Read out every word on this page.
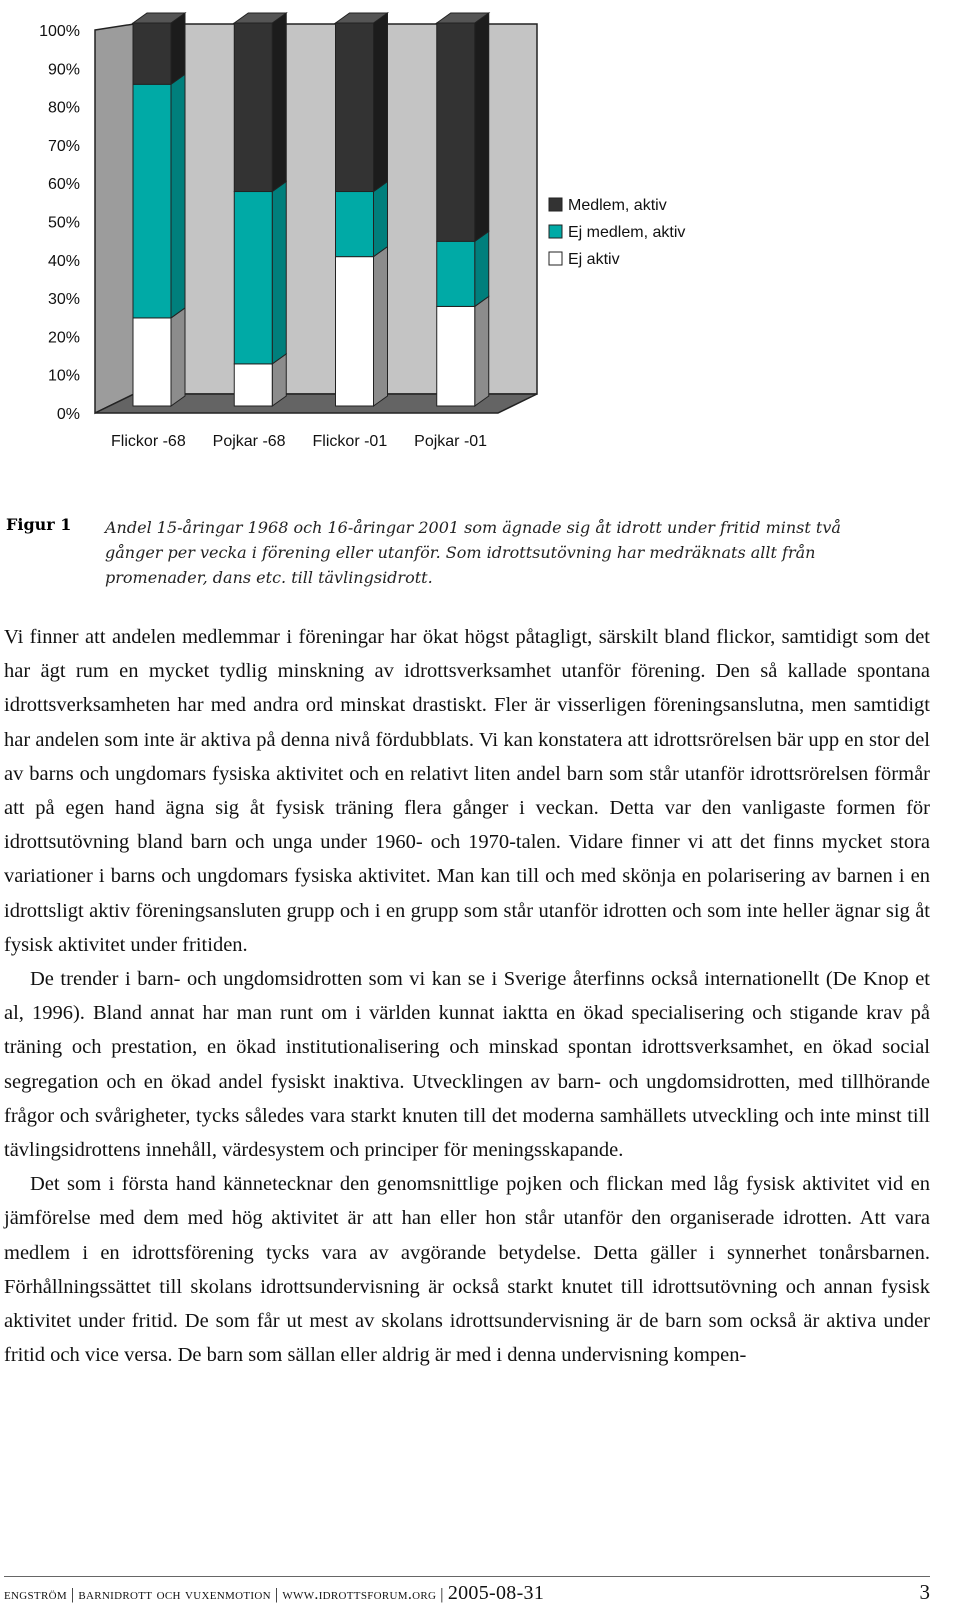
0%
10%
20%
30%
40%
50%
60%
70%
80%
90%
100%
Flickor -68 Pojkar -68 Flickor -01 Pojkar -01
Medlem, aktiv
Ej medlem, aktiv
Ej aktiv
Figur 1 Andel 15-åringar 1968 och 16-åringar 2001 som ägnade sig åt idrott under fritid minst två gånger per vecka i förening eller utanför. Som idrottsutövning har medräknats allt från promenader, dans etc. till tävlingsidrott.

Vi finner att andelen medlemmar i föreningar har ökat högst påtagligt, särskilt bland flickor, samtidigt som det har ägt rum en mycket tydlig minskning av idrottsverksamhet utanför förening. Den så kallade spontana idrottsverksamheten har med andra ord minskat drastiskt. Fler är visserligen föreningsanslutna, men samtidigt har andelen som inte är aktiva på denna nivå fördubblats. Vi kan konstatera att idrottsrörelsen bär upp en stor del av barns och ungdomars fysiska aktivitet och en relativt liten andel barn som står utanför idrottsrörelsen förmår att på egen hand ägna sig åt fysisk träning flera gånger i veckan. Detta var den vanligaste formen för idrottsutövning bland barn och unga under 1960- och 1970-talen. Vidare finner vi att det finns mycket stora variationer i barns och ungdomars fysiska aktivitet. Man kan till och med skönja en polarisering av barnen i en idrottsligt aktiv föreningsansluten grupp och i en grupp som står utanför idrotten och som inte heller ägnar sig åt fysisk aktivitet under fritiden.

De trender i barn- och ungdomsidrotten som vi kan se i Sverige återfinns också internationellt (De Knop et al, 1996). Bland annat har man runt om i världen kunnat iaktta en ökad specialisering och stigande krav på träning och prestation, en ökad institutionalisering och minskad spontan idrottsverksamhet, en ökad social segregation och en ökad andel fysiskt inaktiva. Utvecklingen av barn- och ungdomsidrotten, med tillhörande frågor och svårigheter, tycks således vara starkt knuten till det moderna samhällets utveckling och inte minst till tävlingsidrottens innehåll, värdesystem och principer för meningsskapande.

Det som i första hand kännetecknar den genomsnittlige pojken och flickan med låg fysisk aktivitet vid en jämförelse med dem med hög aktivitet är att han eller hon står utanför den organiserade idrotten. Att vara medlem i en idrottsförening tycks vara av avgörande betydelse. Detta gäller i synnerhet tonårsbarnen. Förhållningssättet till skolans idrottsundervisning är också starkt knutet till idrottsutövning och annan fysisk aktivitet under fritid. De som får ut mest av skolans idrottsundervisning är de barn som också är aktiva under fritid och vice versa. De barn som sällan eller aldrig är med i denna undervisning kompen-

engström | barnidrott och vuxenmotion | www.idrottsforum.org | 2005-08-31	3
